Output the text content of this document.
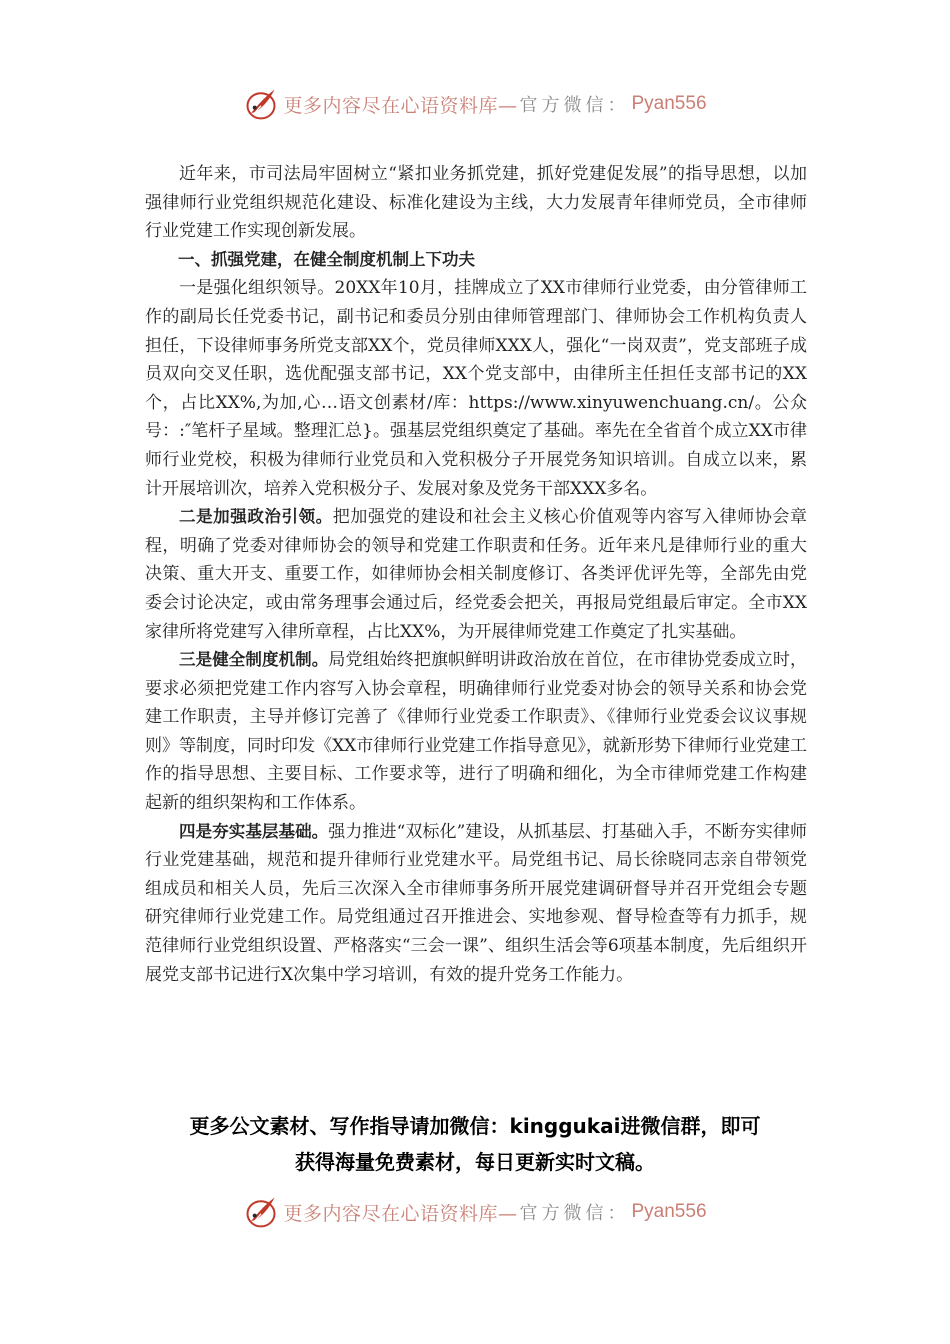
更多内容尽在心语资料库— 官方微信： Pyan556

近年来，市司法局牢固树立“紧扣业务抓党建，抓好党建促发展”的指导思想，以加强律师行业党组织规范化建设、标准化建设为主线，大力发展青年律师党员，全市律师行业党建工作实现创新发展。

一、抓强党建，在健全制度机制上下功夫

一是强化组织领导。20XX年10月，挂牌成立了XX市律师行业党委，由分管律师工作的副局长任党委书记，副书记和委员分别由律师管理部门、律师协会工作机构负责人担任，下设律师事务所党支部XX个，党员律师XXX人，强化“一岗双责”，党支部班子成员双向交叉任职，选优配强支部书记，XX个党支部中，由律所主任担任支部书记的XX个，占比XX%,为加,心…语文创素材/库：https://www.xinyuwenchuang.cn/。公众号：:″笔杆子星域。整理汇总}。强基层党组织奠定了基础。率先在全省首个成立XX市律师行业党校，积极为律师行业党员和入党积极分子开展党务知识培训。自成立以来，累计开展培训次，培养入党积极分子、发展对象及党务干部XXX多名。

二是加强政治引领。把加强党的建设和社会主义核心价值观等内容写入律师协会章程，明确了党委对律师协会的领导和党建工作职责和任务。近年来凡是律师行业的重大决策、重大开支、重要工作，如律师协会相关制度修订、各类评优评先等，全部先由党委会讨论决定，或由常务理事会通过后，经党委会把关，再报局党组最后审定。全市XX家律所将党建写入律所章程，占比XX%，为开展律师党建工作奠定了扎实基础。

三是健全制度机制。局党组始终把旗帜鲜明讲政治放在首位，在市律协党委成立时，要求必须把党建工作内容写入协会章程，明确律师行业党委对协会的领导关系和协会党建工作职责，主导并修订完善了《律师行业党委工作职责》、《律师行业党委会议议事规则》等制度，同时印发《XX市律师行业党建工作指导意见》，就新形势下律师行业党建工作的指导思想、主要目标、工作要求等，进行了明确和细化，为全市律师党建工作构建起新的组织架构和工作体系。

四是夯实基层基础。强力推进“双标化”建设，从抓基层、打基础入手，不断夯实律师行业党建基础，规范和提升律师行业党建水平。局党组书记、局长徐晓同志亲自带领党组成员和相关人员，先后三次深入全市律师事务所开展党建调研督导并召开党组会专题研究律师行业党建工作。局党组通过召开推进会、实地参观、督导检查等有力抓手，规范律师行业党组织设置、严格落实“三会一课”、组织生活会等6项基本制度，先后组织开展党支部书记进行X次集中学习培训，有效的提升党务工作能力。

更多公文素材、写作指导请加微信：kinggukai进微信群，即可
获得海量免费素材，每日更新实时文稿。
更多内容尽在心语资料库— 官方微信： Pyan556
